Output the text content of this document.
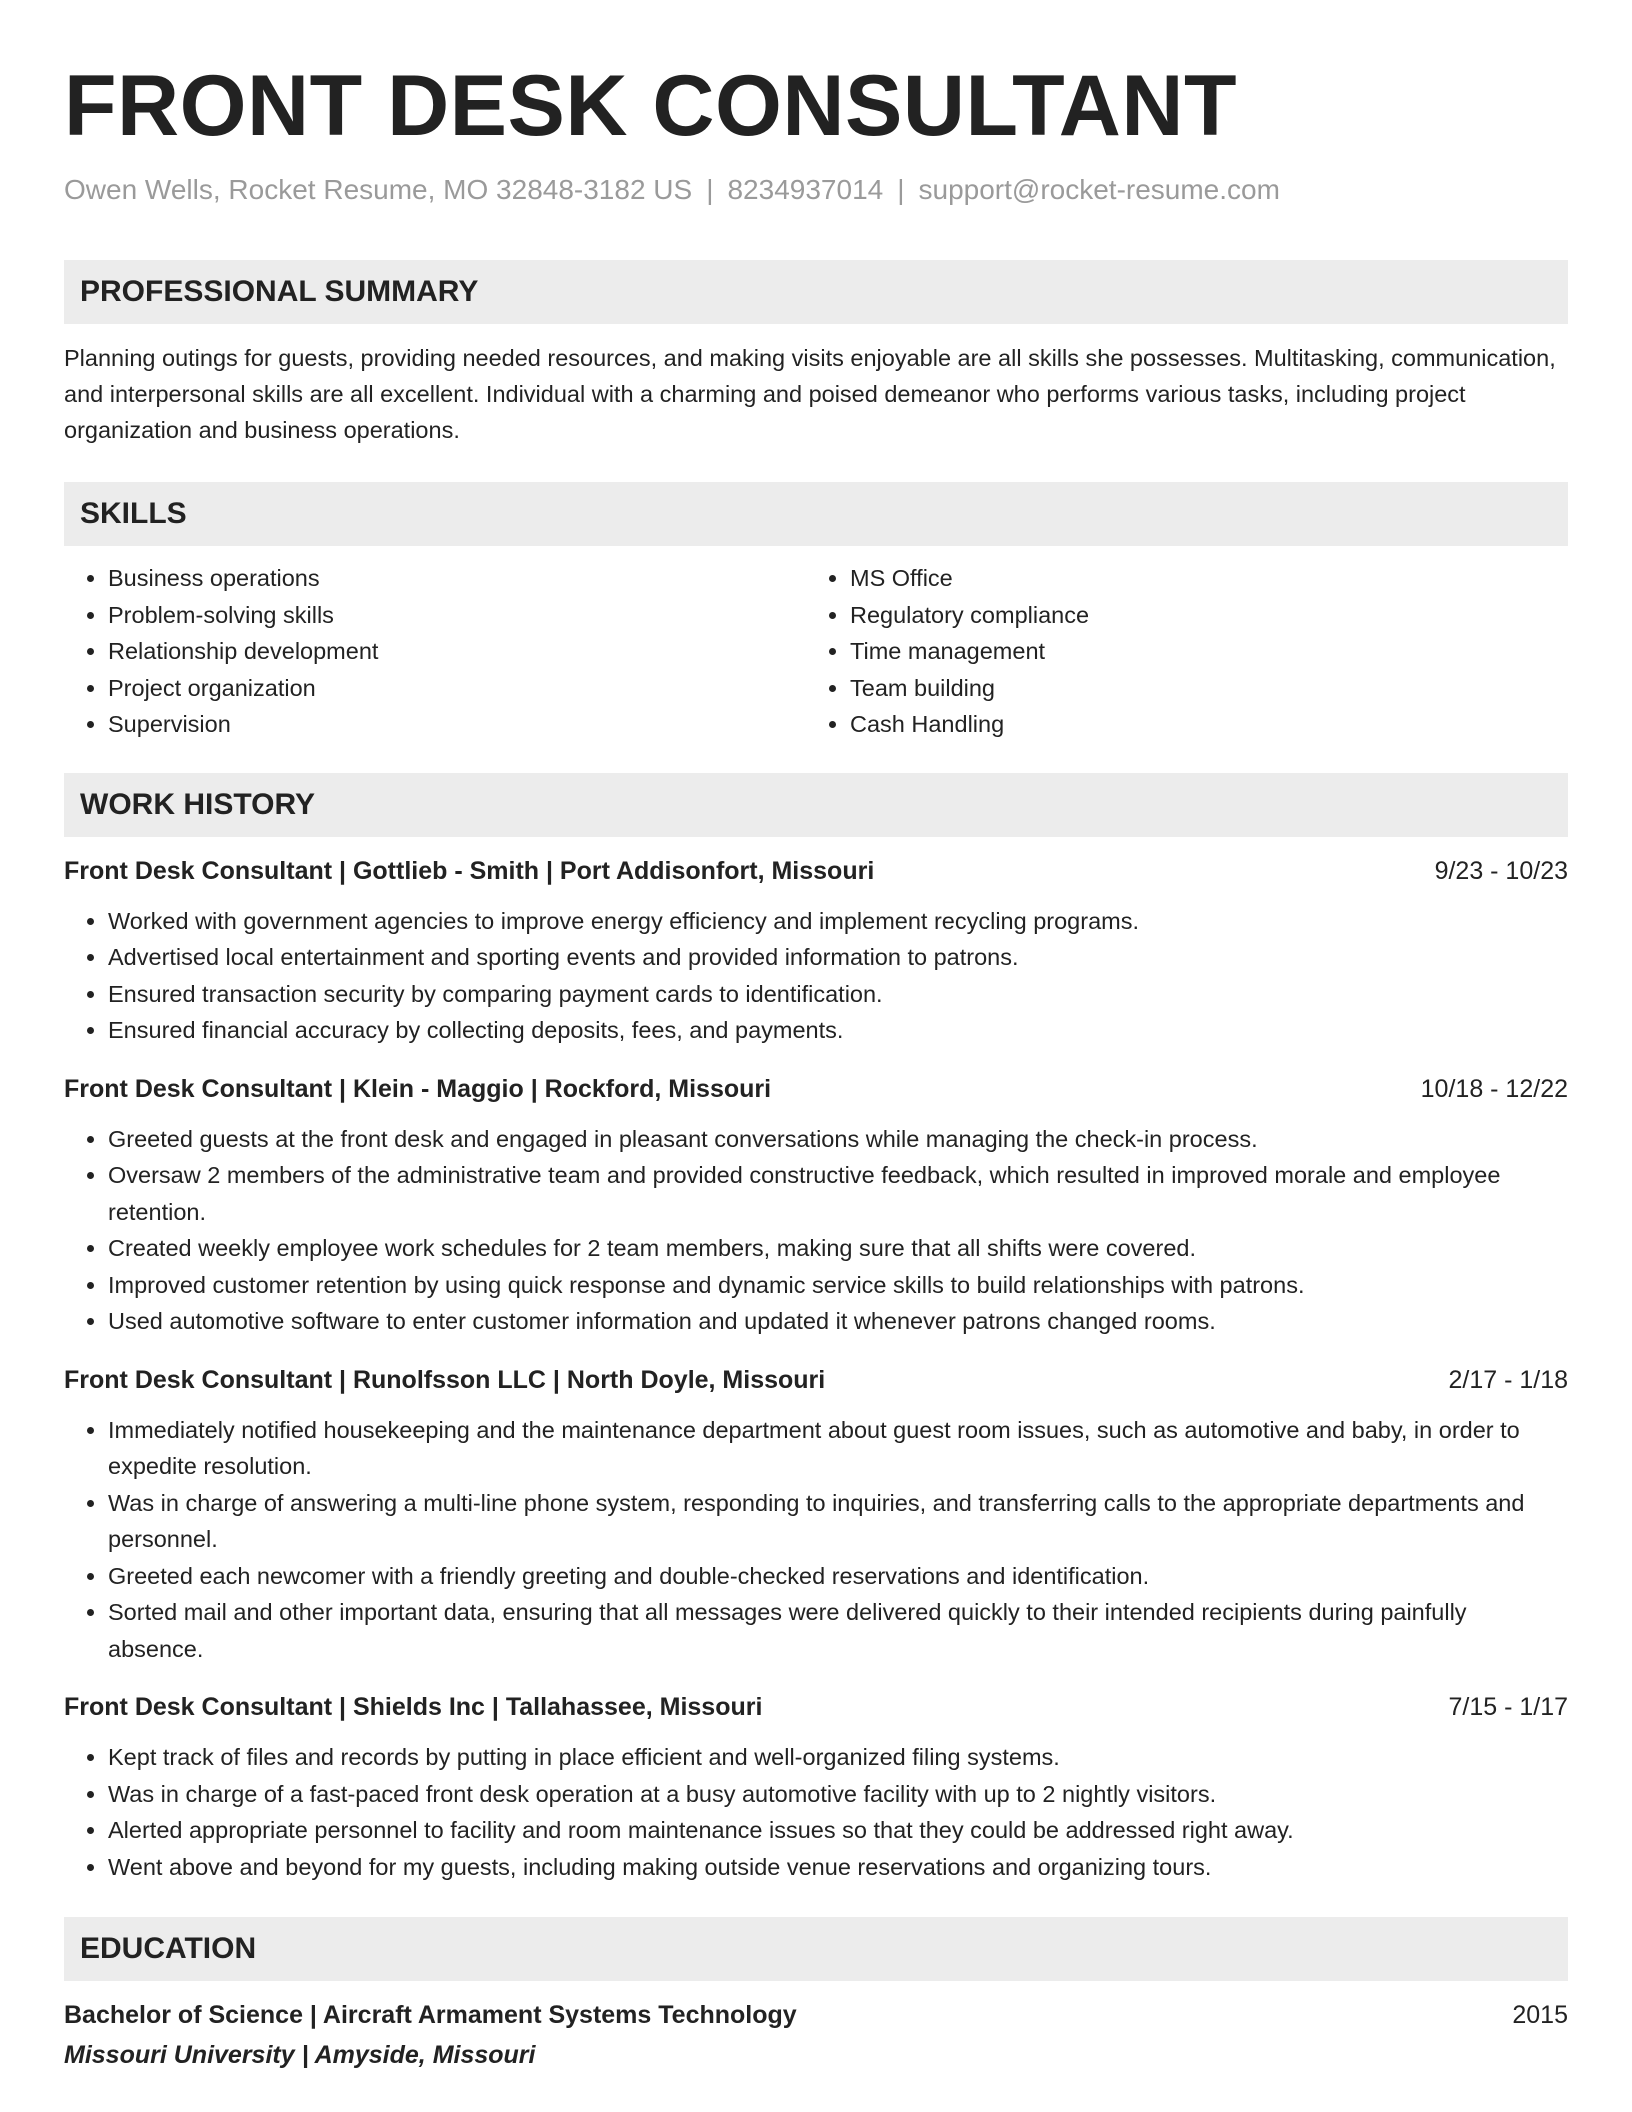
FRONT DESK CONSULTANT
Owen Wells, Rocket Resume, MO 32848-3182 US | 8234937014 | support@rocket-resume.com
PROFESSIONAL SUMMARY
Planning outings for guests, providing needed resources, and making visits enjoyable are all skills she possesses. Multitasking, communication, and interpersonal skills are all excellent. Individual with a charming and poised demeanor who performs various tasks, including project organization and business operations.
SKILLS
• Business operations
• Problem-solving skills
• Relationship development
• Project organization
• Supervision
• MS Office
• Regulatory compliance
• Time management
• Team building
• Cash Handling
WORK HISTORY
Front Desk Consultant | Gottlieb - Smith | Port Addisonfort, Missouri	9/23 - 10/23
• Worked with government agencies to improve energy efficiency and implement recycling programs.
• Advertised local entertainment and sporting events and provided information to patrons.
• Ensured transaction security by comparing payment cards to identification.
• Ensured financial accuracy by collecting deposits, fees, and payments.
Front Desk Consultant | Klein - Maggio | Rockford, Missouri	10/18 - 12/22
• Greeted guests at the front desk and engaged in pleasant conversations while managing the check-in process.
• Oversaw 2 members of the administrative team and provided constructive feedback, which resulted in improved morale and employee retention.
• Created weekly employee work schedules for 2 team members, making sure that all shifts were covered.
• Improved customer retention by using quick response and dynamic service skills to build relationships with patrons.
• Used automotive software to enter customer information and updated it whenever patrons changed rooms.
Front Desk Consultant | Runolfsson LLC | North Doyle, Missouri	2/17 - 1/18
• Immediately notified housekeeping and the maintenance department about guest room issues, such as automotive and baby, in order to expedite resolution.
• Was in charge of answering a multi-line phone system, responding to inquiries, and transferring calls to the appropriate departments and personnel.
• Greeted each newcomer with a friendly greeting and double-checked reservations and identification.
• Sorted mail and other important data, ensuring that all messages were delivered quickly to their intended recipients during painfully absence.
Front Desk Consultant | Shields Inc | Tallahassee, Missouri	7/15 - 1/17
• Kept track of files and records by putting in place efficient and well-organized filing systems.
• Was in charge of a fast-paced front desk operation at a busy automotive facility with up to 2 nightly visitors.
• Alerted appropriate personnel to facility and room maintenance issues so that they could be addressed right away.
• Went above and beyond for my guests, including making outside venue reservations and organizing tours.
EDUCATION
Bachelor of Science | Aircraft Armament Systems Technology	2015
Missouri University | Amyside, Missouri
